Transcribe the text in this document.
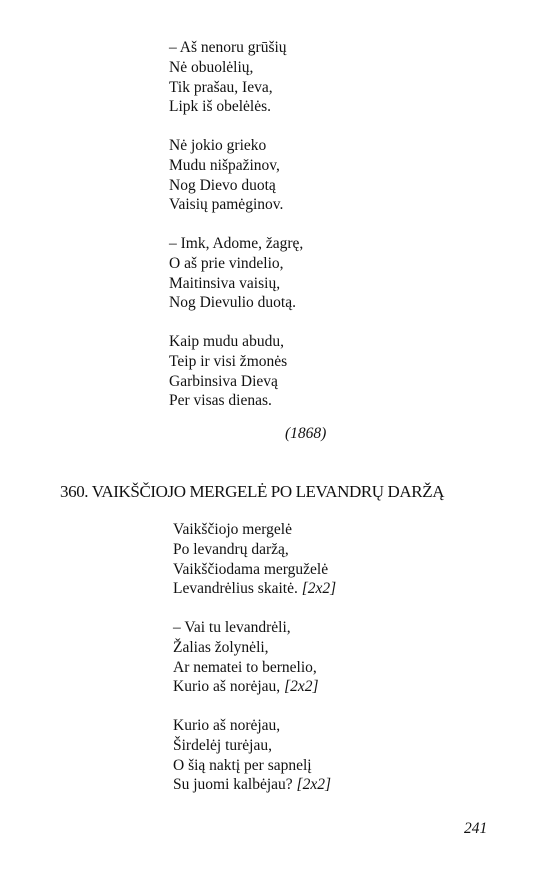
– Aš nenoru grūšių
Nė obuolėlių,
Tik prašau, Ieva,
Lipk iš obelėlės.
Nė jokio grieko
Mudu nišpažinov,
Nog Dievo duotą
Vaisių pamėginov.
– Imk, Adome, žagrę,
O aš prie vindelio,
Maitinsiva vaisių,
Nog Dievulio duotą.
Kaip mudu abudu,
Teip ir visi žmonės
Garbinsiva Dievą
Per visas dienas.
(1868)
360. VAIKŠČIOJO MERGELĖ PO LEVANDRŲ DARŽĄ
Vaikščiojo mergelė
Po levandrų daržą,
Vaikščiodama merguželė
Levandrėlius skaitė. [2x2]
– Vai tu levandrėli,
Žalias žolynėli,
Ar nematei to bernelio,
Kurio aš norėjau, [2x2]
Kurio aš norėjau,
Širdelėj turėjau,
O šią naktį per sapnelį
Su juomi kalbėjau? [2x2]
241
